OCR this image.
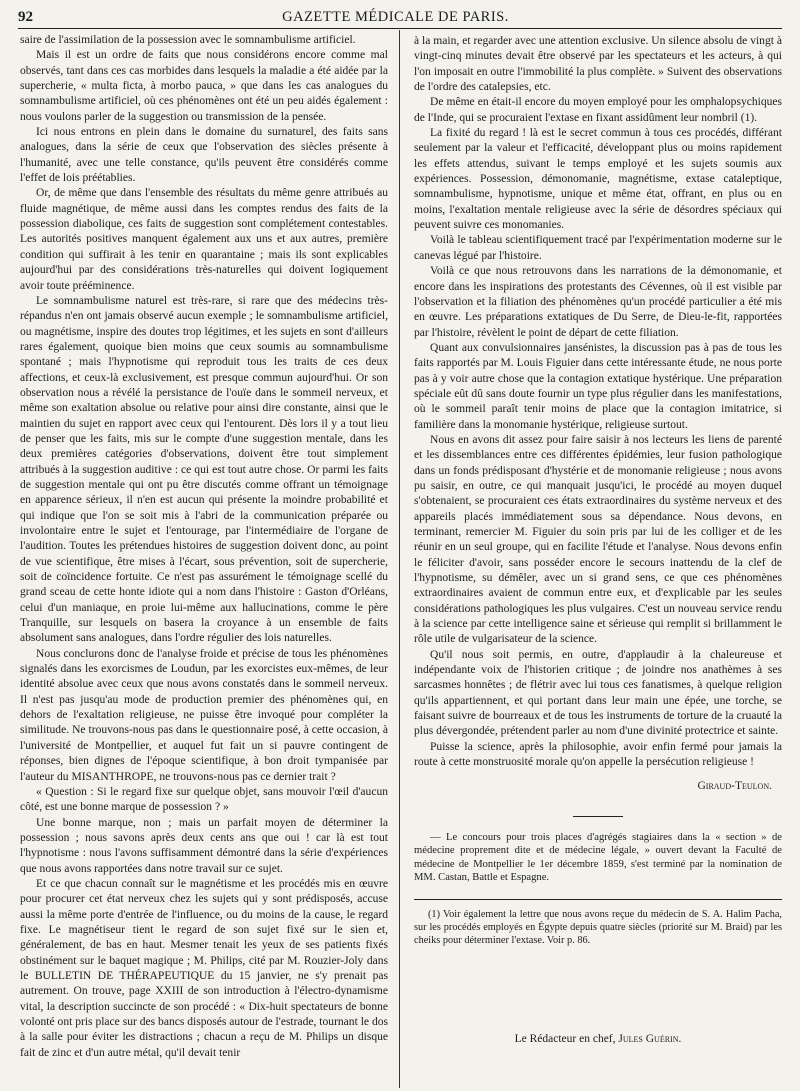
92	GAZETTE MÉDICALE DE PARIS.

saire de l'assimilation de la possession avec le somnambulisme artificiel.

Mais il est un ordre de faits que nous considérons encore comme mal observés, tant dans ces cas morbides dans lesquels la maladie a été aidée par la supercherie, « multa ficta, à morbo pauca, » que dans les cas analogues du somnambulisme artificiel, où ces phénomènes ont été un peu aidés également : nous voulons parler de la suggestion ou transmission de la pensée.

Ici nous entrons en plein dans le domaine du surnaturel, des faits sans analogues, dans la série de ceux que l'observation des siècles présente à l'humanité, avec une telle constance, qu'ils peuvent être considérés comme l'effet de lois préétablies.

Or, de même que dans l'ensemble des résultats du même genre attribués au fluide magnétique, de même aussi dans les comptes rendus des faits de la possession diabolique, ces faits de suggestion sont complétement contestables. Les autorités positives manquent également aux uns et aux autres, première condition qui suffirait à les tenir en quarantaine ; mais ils sont explicables aujourd'hui par des considérations très-naturelles qui doivent logiquement avoir toute prééminence.

Le somnambulisme naturel est très-rare, si rare que des médecins très-répandus n'en ont jamais observé aucun exemple ; le somnambulisme artificiel, ou magnétisme, inspire des doutes trop légitimes, et les sujets en sont d'ailleurs rares également, quoique bien moins que ceux soumis au somnambulisme spontané ; mais l'hypnotisme qui reproduit tous les traits de ces deux affections, et ceux-là exclusivement, est presque commun aujourd'hui. Or son observation nous a révélé la persistance de l'ouïe dans le sommeil nerveux, et même son exaltation absolue ou relative pour ainsi dire constante, ainsi que le maintien du sujet en rapport avec ceux qui l'entourent. Dès lors il y a tout lieu de penser que les faits, mis sur le compte d'une suggestion mentale, dans les deux premières catégories d'observations, doivent être tout simplement attribués à la suggestion auditive : ce qui est tout autre chose. Or parmi les faits de suggestion mentale qui ont pu être discutés comme offrant un témoignage en apparence sérieux, il n'en est aucun qui présente la moindre probabilité et qui indique que l'on se soit mis à l'abri de la communication préparée ou involontaire entre le sujet et l'entourage, par l'intermédiaire de l'organe de l'audition. Toutes les prétendues histoires de suggestion doivent donc, au point de vue scientifique, être mises à l'écart, sous prévention, soit de supercherie, soit de coïncidence fortuite. Ce n'est pas assurément le témoignage scellé du grand sceau de cette honte idiote qui a nom dans l'histoire : Gaston d'Orléans, celui d'un maniaque, en proie lui-même aux hallucinations, comme le père Tranquille, sur lesquels on basera la croyance à un ensemble de faits absolument sans analogues, dans l'ordre régulier des lois naturelles.

Nous conclurons donc de l'analyse froide et précise de tous les phénomènes signalés dans les exorcismes de Loudun, par les exorcistes eux-mêmes, de leur identité absolue avec ceux que nous avons constatés dans le sommeil nerveux. Il n'est pas jusqu'au mode de production premier des phénomènes qui, en dehors de l'exaltation religieuse, ne puisse être invoqué pour compléter la similitude. Ne trouvons-nous pas dans le questionnaire posé, à cette occasion, à l'université de Montpellier, et auquel fut fait un si pauvre contingent de réponses, bien dignes de l'époque scientifique, à bon droit tympanisée par l'auteur du MISANTHROPE, ne trouvons-nous pas ce dernier trait ?

« Question : Si le regard fixe sur quelque objet, sans mouvoir l'œil d'aucun côté, est une bonne marque de possession ? »

Une bonne marque, non ; mais un parfait moyen de déterminer la possession ; nous savons après deux cents ans que oui ! car là est tout l'hypnotisme : nous l'avons suffisamment démontré dans la série d'expériences que nous avons rapportées dans notre travail sur ce sujet.

Et ce que chacun connaît sur le magnétisme et les procédés mis en œuvre pour procurer cet état nerveux chez les sujets qui y sont prédisposés, accuse aussi la même porte d'entrée de l'influence, ou du moins de la cause, le regard fixe. Le magnétiseur tient le regard de son sujet fixé sur le sien et, généralement, de bas en haut. Mesmer tenait les yeux de ses patients fixés obstinément sur le baquet magique ; M. Philips, cité par M. Rouzier-Joly dans le BULLETIN DE THÉRAPEUTIQUE du 15 janvier, ne s'y prenait pas autrement. On trouve, page XXIII de son introduction à l'électro-dynamisme vital, la description succincte de son procédé : « Dix-huit spectateurs de bonne volonté ont pris place sur des bancs disposés autour de l'estrade, tournant le dos à la salle pour éviter les distractions ; chacun a reçu de M. Philips un disque fait de zinc et d'un autre métal, qu'il devait tenir

à la main, et regarder avec une attention exclusive. Un silence absolu de vingt à vingt-cinq minutes devait être observé par les spectateurs et les acteurs, à qui l'on imposait en outre l'immobilité la plus complète. » Suivent des observations de l'ordre des catalepsies, etc.

De même en était-il encore du moyen employé pour les omphalopsychiques de l'Inde, qui se procuraient l'extase en fixant assidûment leur nombril (1).

La fixité du regard ! là est le secret commun à tous ces procédés, différant seulement par la valeur et l'efficacité, développant plus ou moins rapidement les effets attendus, suivant le temps employé et les sujets soumis aux expériences. Possession, démonomanie, magnétisme, extase cataleptique, somnambulisme, hypnotisme, unique et même état, offrant, en plus ou en moins, l'exaltation mentale religieuse avec la série de désordres spéciaux qui peuvent suivre ces monomanies.

Voilà le tableau scientifiquement tracé par l'expérimentation moderne sur le canevas légué par l'histoire.

Voilà ce que nous retrouvons dans les narrations de la démonomanie, et encore dans les inspirations des protestants des Cévennes, où il est visible par l'observation et la filiation des phénomènes qu'un procédé particulier a été mis en œuvre. Les préparations extatiques de Du Serre, de Dieu-le-fit, rapportées par l'histoire, révèlent le point de départ de cette filiation.

Quant aux convulsionnaires jansénistes, la discussion pas à pas de tous les faits rapportés par M. Louis Figuier dans cette intéressante étude, ne nous porte pas à y voir autre chose que la contagion extatique hystérique. Une préparation spéciale eût dû sans doute fournir un type plus régulier dans les manifestations, où le sommeil paraît tenir moins de place que la contagion imitatrice, si familière dans la monomanie hystérique, religieuse surtout.

Nous en avons dit assez pour faire saisir à nos lecteurs les liens de parenté et les dissemblances entre ces différentes épidémies, leur fusion pathologique dans un fonds prédisposant d'hystérie et de monomanie religieuse ; nous avons pu saisir, en outre, ce qui manquait jusqu'ici, le procédé au moyen duquel s'obtenaient, se procuraient ces états extraordinaires du système nerveux et des appareils placés immédiatement sous sa dépendance. Nous devons, en terminant, remercier M. Figuier du soin pris par lui de les colliger et de les réunir en un seul groupe, qui en facilite l'étude et l'analyse. Nous devons enfin le féliciter d'avoir, sans posséder encore le secours inattendu de la clef de l'hypnotisme, su démêler, avec un si grand sens, ce que ces phénomènes extraordinaires avaient de commun entre eux, et d'explicable par les seules considérations pathologiques les plus vulgaires. C'est un nouveau service rendu à la science par cette intelligence saine et sérieuse qui remplit si brillamment le rôle utile de vulgarisateur de la science.

Qu'il nous soit permis, en outre, d'applaudir à la chaleureuse et indépendante voix de l'historien critique ; de joindre nos anathèmes à ses sarcasmes honnêtes ; de flétrir avec lui tous ces fanatismes, à quelque religion qu'ils appartiennent, et qui portant dans leur main une épée, une torche, se faisant suivre de bourreaux et de tous les instruments de torture de la cruauté la plus dévergondée, prétendent parler au nom d'une divinité protectrice et sainte.

Puisse la science, après la philosophie, avoir enfin fermé pour jamais la route à cette monstruosité morale qu'on appelle la persécution religieuse !

Giraud-Teulon.

— Le concours pour trois places d'agrégés stagiaires dans la « section » de médecine proprement dite et de médecine légale, » ouvert devant la Faculté de médecine de Montpellier le 1er décembre 1859, s'est terminé par la nomination de MM. Castan, Battle et Espagne.

(1) Voir également la lettre que nous avons reçue du médecin de S. A. Halim Pacha, sur les procédés employés en Égypte depuis quatre siècles (priorité sur M. Braid) par les cheiks pour déterminer l'extase. Voir p. 86.

Le Rédacteur en chef, Jules Guérin.
